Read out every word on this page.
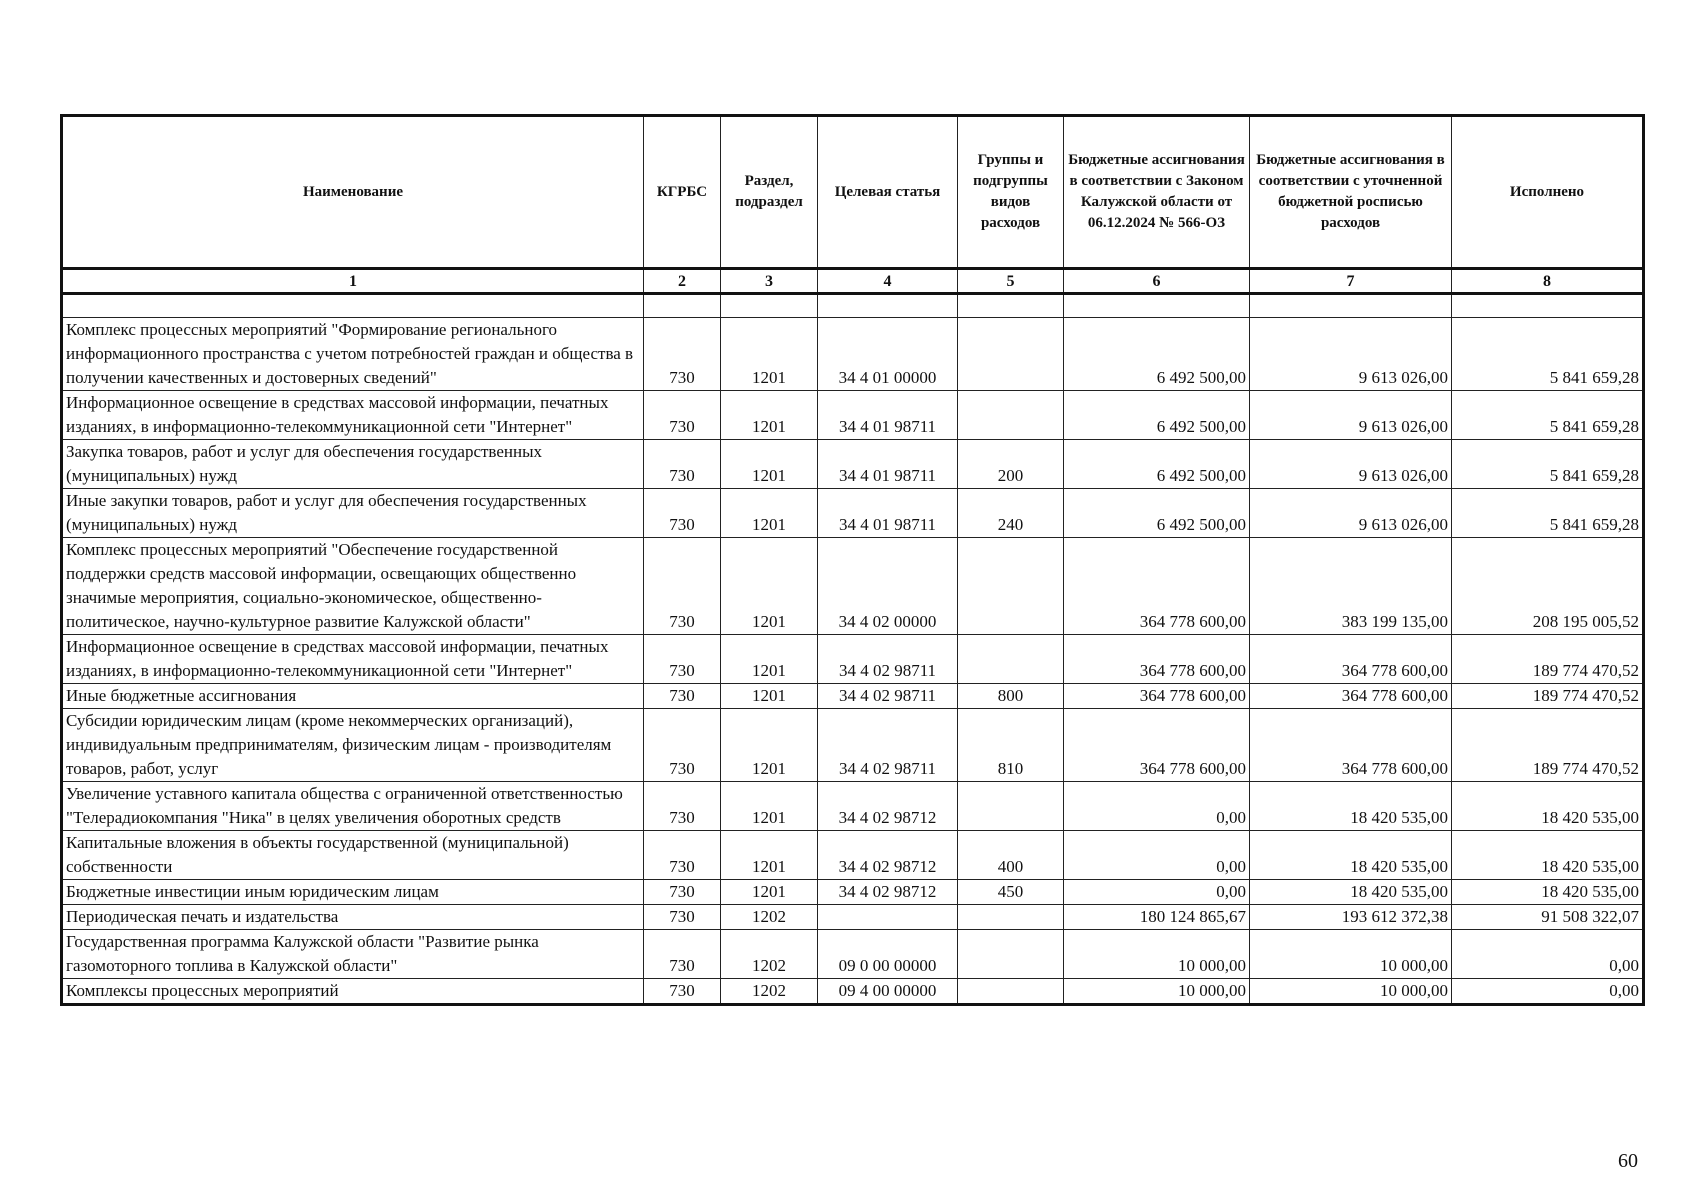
Наименование	КГРБС	Раздел, подраздел	Целевая статья	Группы и подгруппы видов расходов	Бюджетные ассигнования в соответствии с Законом Калужской области от 06.12.2024 № 566-ОЗ	Бюджетные ассигнования в соответствии с уточненной бюджетной росписью расходов	Исполнено
1	2	3	4	5	6	7	8

Комплекс процессных мероприятий "Формирование регионального информационного пространства с учетом потребностей граждан и общества в получении качественных и достоверных сведений"	730	1201	34 4 01 00000		6 492 500,00	9 613 026,00	5 841 659,28
Информационное освещение в средствах массовой информации, печатных изданиях, в информационно-телекоммуникационной сети "Интернет"	730	1201	34 4 01 98711		6 492 500,00	9 613 026,00	5 841 659,28
Закупка товаров, работ и услуг для обеспечения государственных (муниципальных) нужд	730	1201	34 4 01 98711	200	6 492 500,00	9 613 026,00	5 841 659,28
Иные закупки товаров, работ и услуг для обеспечения государственных (муниципальных) нужд	730	1201	34 4 01 98711	240	6 492 500,00	9 613 026,00	5 841 659,28
Комплекс процессных мероприятий "Обеспечение государственной поддержки средств массовой информации, освещающих общественно значимые мероприятия, социально-экономическое, общественно-политическое, научно-культурное развитие Калужской области"	730	1201	34 4 02 00000		364 778 600,00	383 199 135,00	208 195 005,52
Информационное освещение в средствах массовой информации, печатных изданиях, в информационно-телекоммуникационной сети "Интернет"	730	1201	34 4 02 98711		364 778 600,00	364 778 600,00	189 774 470,52
Иные бюджетные ассигнования	730	1201	34 4 02 98711	800	364 778 600,00	364 778 600,00	189 774 470,52
Субсидии юридическим лицам (кроме некоммерческих организаций), индивидуальным предпринимателям, физическим лицам - производителям товаров, работ, услуг	730	1201	34 4 02 98711	810	364 778 600,00	364 778 600,00	189 774 470,52
Увеличение уставного капитала общества с ограниченной ответственностью "Телерадиокомпания "Ника" в целях увеличения оборотных средств	730	1201	34 4 02 98712		0,00	18 420 535,00	18 420 535,00
Капитальные вложения в объекты государственной (муниципальной) собственности	730	1201	34 4 02 98712	400	0,00	18 420 535,00	18 420 535,00
Бюджетные инвестиции иным юридическим лицам	730	1201	34 4 02 98712	450	0,00	18 420 535,00	18 420 535,00
Периодическая печать и издательства	730	1202			180 124 865,67	193 612 372,38	91 508 322,07
Государственная программа Калужской области "Развитие рынка газомоторного топлива в Калужской области"	730	1202	09 0 00 00000		10 000,00	10 000,00	0,00
Комплексы процессных мероприятий	730	1202	09 4 00 00000		10 000,00	10 000,00	0,00
60
